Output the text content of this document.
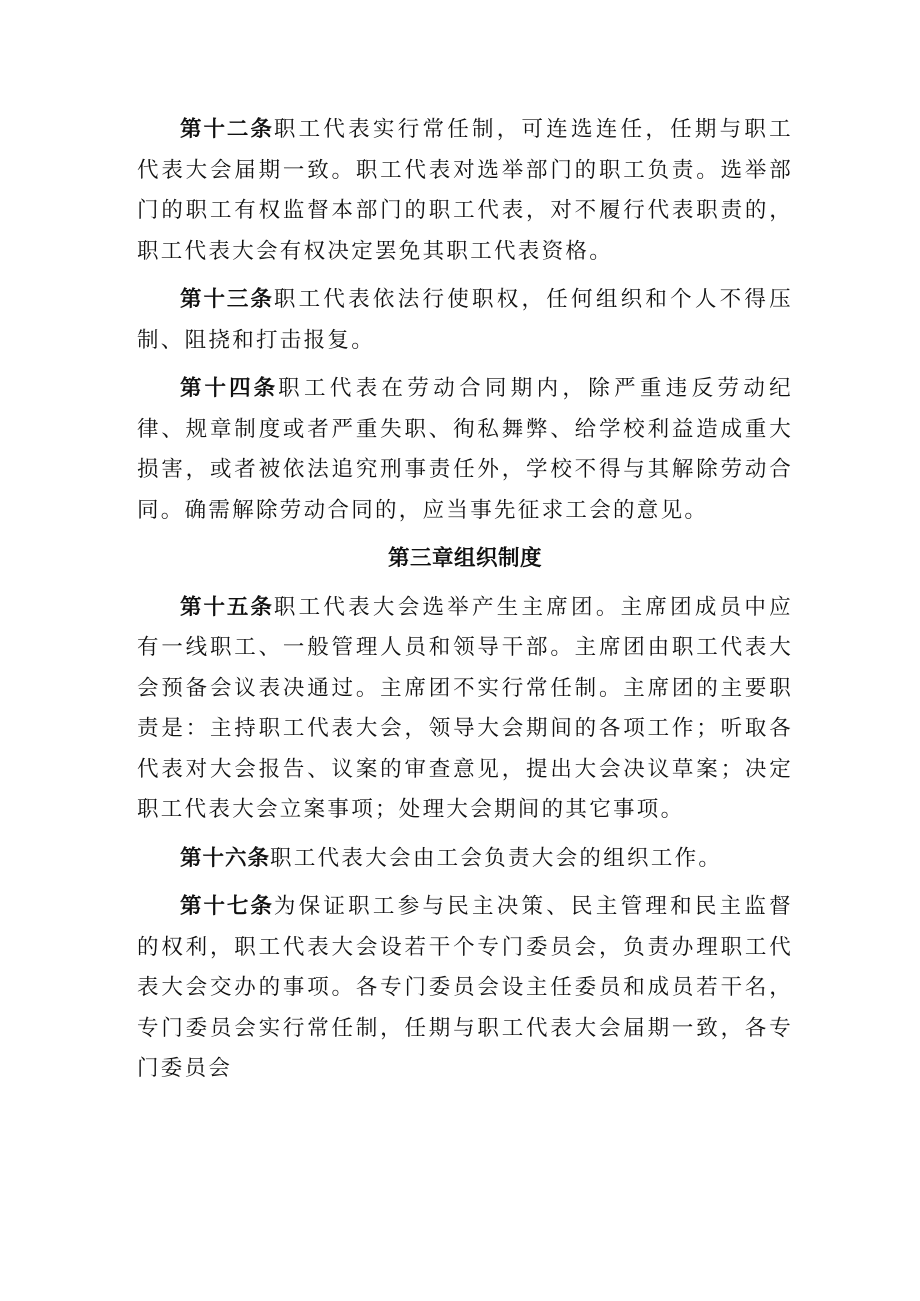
第十二条职工代表实行常任制，可连选连任，任期与职工代表大会届期一致。职工代表对选举部门的职工负责。选举部门的职工有权监督本部门的职工代表，对不履行代表职责的，职工代表大会有权决定罢免其职工代表资格。

第十三条职工代表依法行使职权，任何组织和个人不得压制、阻挠和打击报复。

第十四条职工代表在劳动合同期内，除严重违反劳动纪律、规章制度或者严重失职、徇私舞弊、给学校利益造成重大损害，或者被依法追究刑事责任外，学校不得与其解除劳动合同。确需解除劳动合同的，应当事先征求工会的意见。

第三章组织制度

第十五条职工代表大会选举产生主席团。主席团成员中应有一线职工、一般管理人员和领导干部。主席团由职工代表大会预备会议表决通过。主席团不实行常任制。主席团的主要职责是：主持职工代表大会，领导大会期间的各项工作；听取各代表对大会报告、议案的审查意见，提出大会决议草案；决定职工代表大会立案事项；处理大会期间的其它事项。

第十六条职工代表大会由工会负责大会的组织工作。

第十七条为保证职工参与民主决策、民主管理和民主监督的权利，职工代表大会设若干个专门委员会，负责办理职工代表大会交办的事项。各专门委员会设主任委员和成员若干名，专门委员会实行常任制，任期与职工代表大会届期一致，各专门委员会
